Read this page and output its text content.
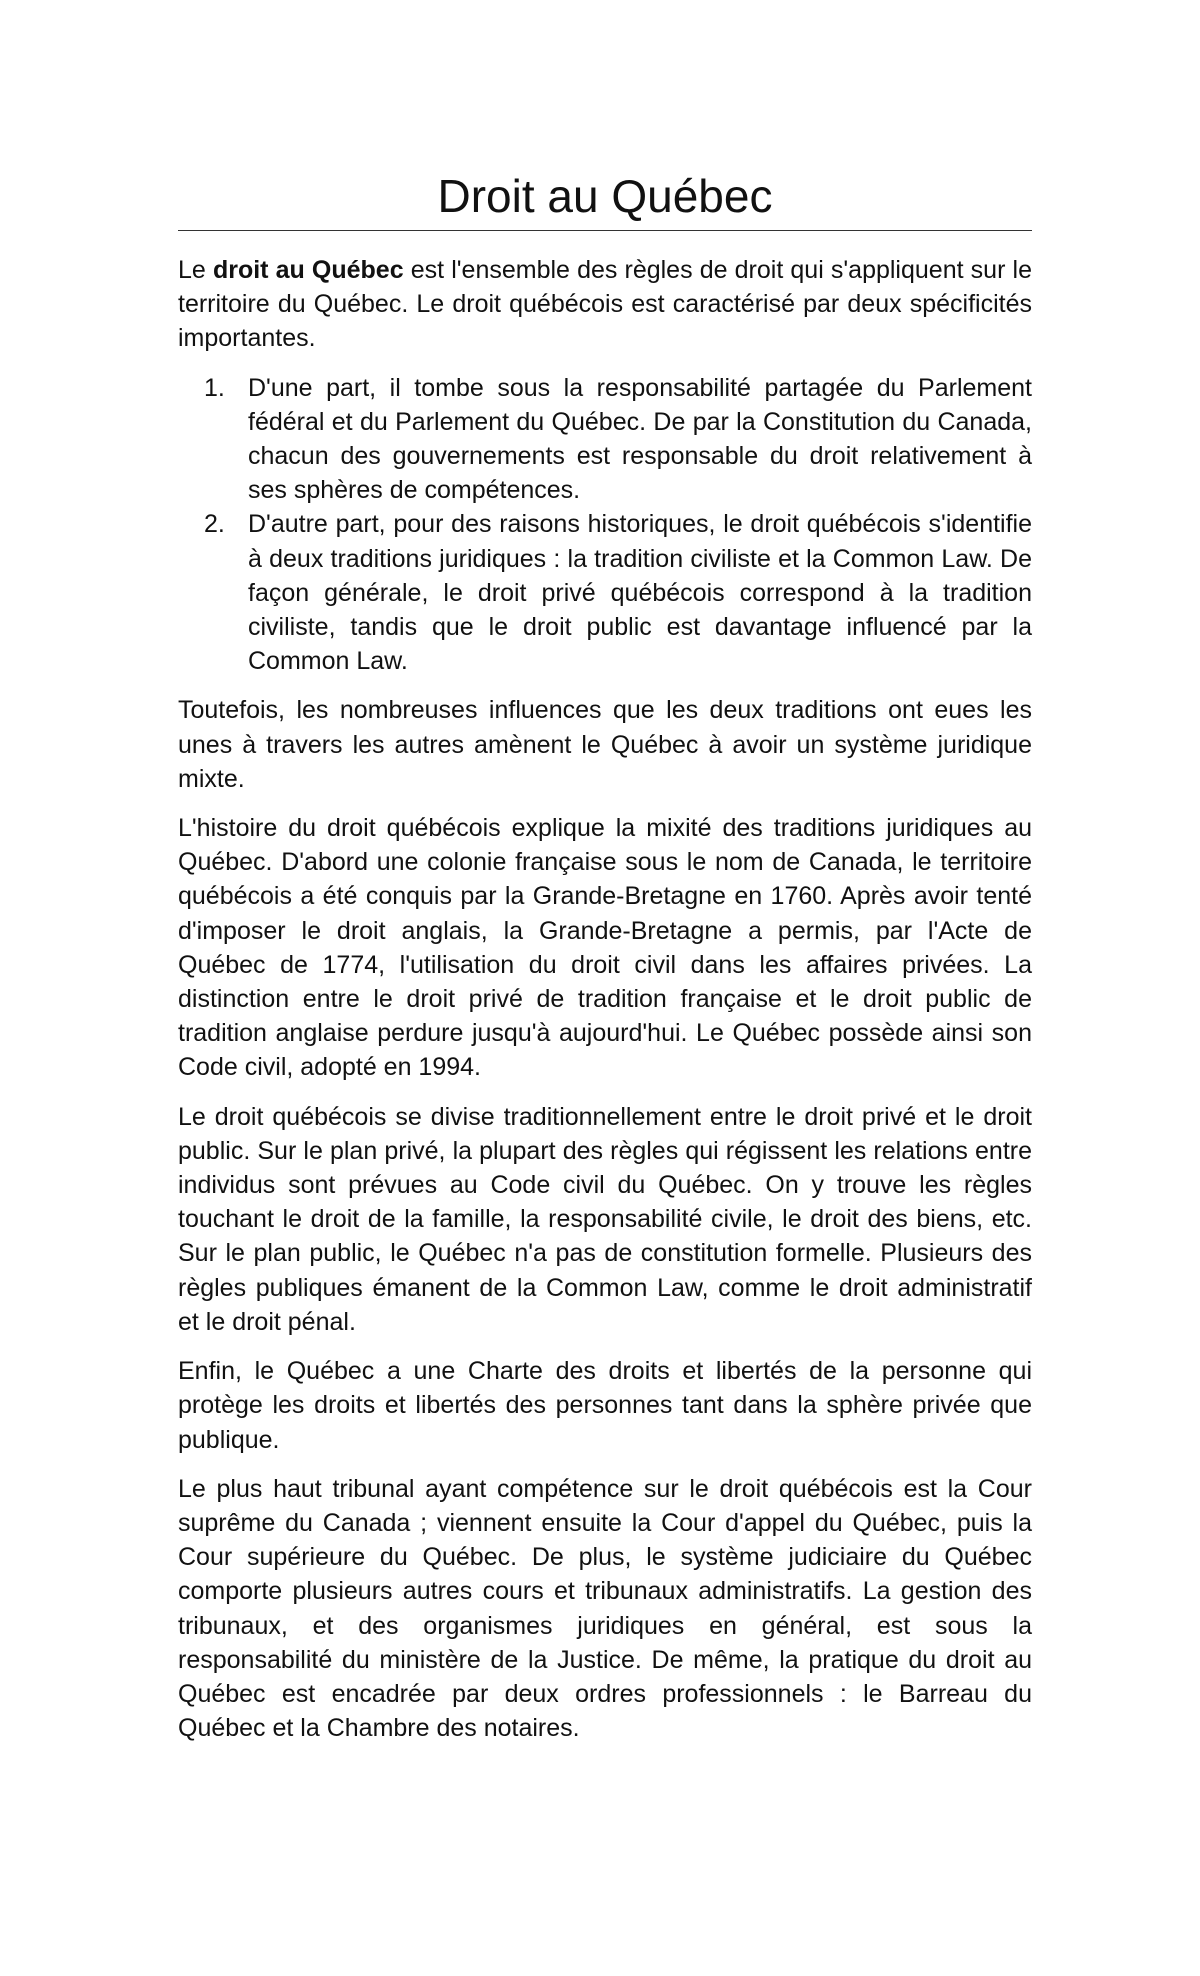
Droit au Québec

Le droit au Québec est l'ensemble des règles de droit qui s'appliquent sur le territoire du Québec. Le droit québécois est caractérisé par deux spécificités importantes.

1. D'une part, il tombe sous la responsabilité partagée du Parlement fédéral et du Parlement du Québec. De par la Constitution du Canada, chacun des gouvernements est responsable du droit relativement à ses sphères de compétences.
2. D'autre part, pour des raisons historiques, le droit québécois s'identifie à deux traditions juridiques : la tradition civiliste et la Common Law. De façon générale, le droit privé québécois correspond à la tradition civiliste, tandis que le droit public est davantage influencé par la Common Law.

Toutefois, les nombreuses influences que les deux traditions ont eues les unes à travers les autres amènent le Québec à avoir un système juridique mixte.

L'histoire du droit québécois explique la mixité des traditions juridiques au Québec. D'abord une colonie française sous le nom de Canada, le territoire québécois a été conquis par la Grande-Bretagne en 1760. Après avoir tenté d'imposer le droit anglais, la Grande-Bretagne a permis, par l'Acte de Québec de 1774, l'utilisation du droit civil dans les affaires privées. La distinction entre le droit privé de tradition française et le droit public de tradition anglaise perdure jusqu'à aujourd'hui. Le Québec possède ainsi son Code civil, adopté en 1994.

Le droit québécois se divise traditionnellement entre le droit privé et le droit public. Sur le plan privé, la plupart des règles qui régissent les relations entre individus sont prévues au Code civil du Québec. On y trouve les règles touchant le droit de la famille, la responsabilité civile, le droit des biens, etc. Sur le plan public, le Québec n'a pas de constitution formelle. Plusieurs des règles publiques émanent de la Common Law, comme le droit administratif et le droit pénal.

Enfin, le Québec a une Charte des droits et libertés de la personne qui protège les droits et libertés des personnes tant dans la sphère privée que publique.

Le plus haut tribunal ayant compétence sur le droit québécois est la Cour suprême du Canada ; viennent ensuite la Cour d'appel du Québec, puis la Cour supérieure du Québec. De plus, le système judiciaire du Québec comporte plusieurs autres cours et tribunaux administratifs. La gestion des tribunaux, et des organismes juridiques en général, est sous la responsabilité du ministère de la Justice. De même, la pratique du droit au Québec est encadrée par deux ordres professionnels : le Barreau du Québec et la Chambre des notaires.
